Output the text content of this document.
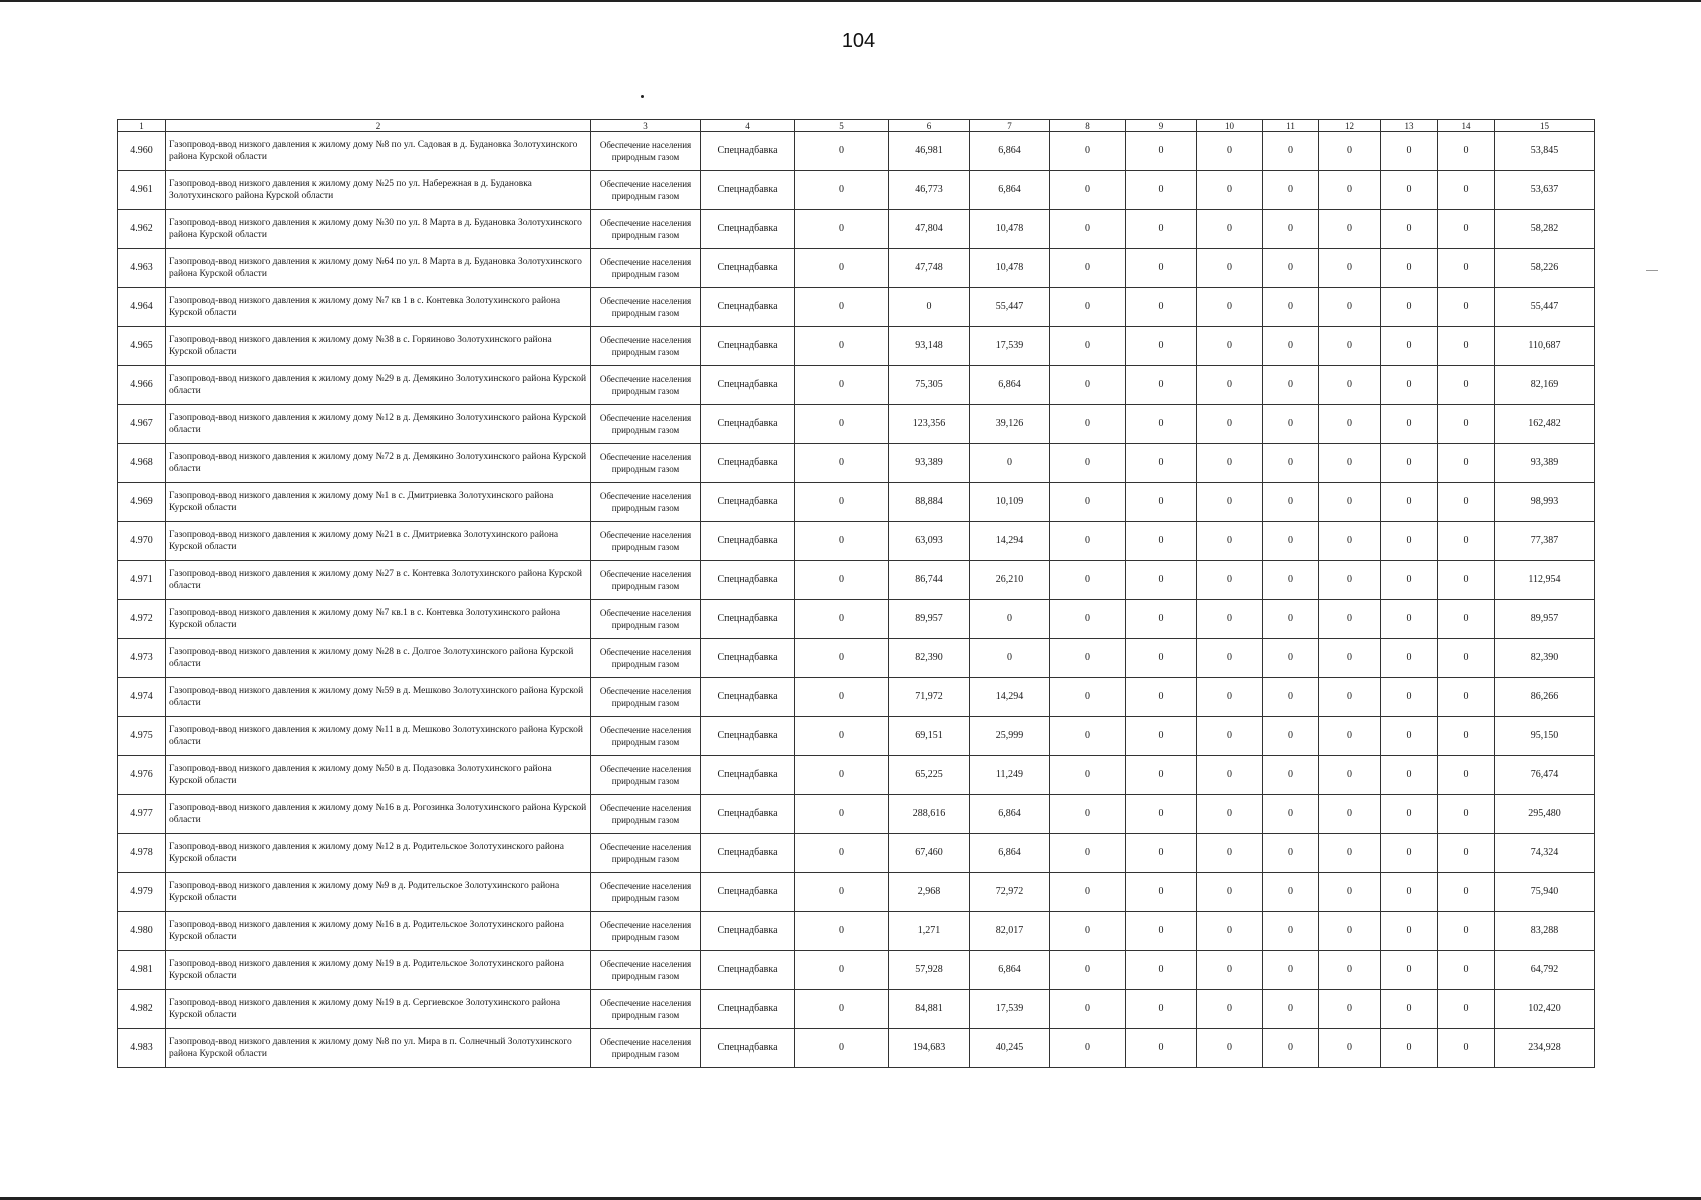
104
1	2	3	4	5	6	7	8	9	10	11	12	13	14	15
4.960	Газопровод-ввод низкого давления к жилому дому №8 по ул. Садовая в д. Будановка Золотухинского района Курской области	Обеспечение населения природным газом	Спецнадбавка	0	46,981	6,864	0	0	0	0	0	0	0	53,845
4.961	Газопровод-ввод низкого давления к жилому дому №25 по ул. Набережная в д. Будановка Золотухинского района Курской области	Обеспечение населения природным газом	Спецнадбавка	0	46,773	6,864	0	0	0	0	0	0	0	53,637
4.962	Газопровод-ввод низкого давления к жилому дому №30 по ул. 8 Марта в д. Будановка Золотухинского района Курской области	Обеспечение населения природным газом	Спецнадбавка	0	47,804	10,478	0	0	0	0	0	0	0	58,282
4.963	Газопровод-ввод низкого давления к жилому дому №64 по ул. 8 Марта в д. Будановка Золотухинского района Курской области	Обеспечение населения природным газом	Спецнадбавка	0	47,748	10,478	0	0	0	0	0	0	0	58,226
4.964	Газопровод-ввод низкого давления к жилому дому №7 кв 1 в с. Контевка Золотухинского района Курской области	Обеспечение населения природным газом	Спецнадбавка	0	0	55,447	0	0	0	0	0	0	0	55,447
4.965	Газопровод-ввод низкого давления к жилому дому №38 в с. Горяиново Золотухинского района Курской области	Обеспечение населения природным газом	Спецнадбавка	0	93,148	17,539	0	0	0	0	0	0	0	110,687
4.966	Газопровод-ввод низкого давления к жилому дому №29 в д. Демякино Золотухинского района Курской области	Обеспечение населения природным газом	Спецнадбавка	0	75,305	6,864	0	0	0	0	0	0	0	82,169
4.967	Газопровод-ввод низкого давления к жилому дому №12 в д. Демякино Золотухинского района Курской области	Обеспечение населения природным газом	Спецнадбавка	0	123,356	39,126	0	0	0	0	0	0	0	162,482
4.968	Газопровод-ввод низкого давления к жилому дому №72 в д. Демякино Золотухинского района Курской области	Обеспечение населения природным газом	Спецнадбавка	0	93,389	0	0	0	0	0	0	0	0	93,389
4.969	Газопровод-ввод низкого давления к жилому дому №1 в с. Дмитриевка Золотухинского района Курской области	Обеспечение населения природным газом	Спецнадбавка	0	88,884	10,109	0	0	0	0	0	0	0	98,993
4.970	Газопровод-ввод низкого давления к жилому дому №21 в с. Дмитриевка Золотухинского района Курской области	Обеспечение населения природным газом	Спецнадбавка	0	63,093	14,294	0	0	0	0	0	0	0	77,387
4.971	Газопровод-ввод низкого давления к жилому дому №27 в с. Контевка Золотухинского района Курской области	Обеспечение населения природным газом	Спецнадбавка	0	86,744	26,210	0	0	0	0	0	0	0	112,954
4.972	Газопровод-ввод низкого давления к жилому дому №7 кв.1 в с. Контевка Золотухинского района Курской области	Обеспечение населения природным газом	Спецнадбавка	0	89,957	0	0	0	0	0	0	0	0	89,957
4.973	Газопровод-ввод низкого давления к жилому дому №28 в с. Долгое Золотухинского района Курской области	Обеспечение населения природным газом	Спецнадбавка	0	82,390	0	0	0	0	0	0	0	0	82,390
4.974	Газопровод-ввод низкого давления к жилому дому №59 в д. Мешково Золотухинского района Курской области	Обеспечение населения природным газом	Спецнадбавка	0	71,972	14,294	0	0	0	0	0	0	0	86,266
4.975	Газопровод-ввод низкого давления к жилому дому №11 в д. Мешково Золотухинского района Курской области	Обеспечение населения природным газом	Спецнадбавка	0	69,151	25,999	0	0	0	0	0	0	0	95,150
4.976	Газопровод-ввод низкого давления к жилому дому №50 в д. Подазовка Золотухинского района Курской области	Обеспечение населения природным газом	Спецнадбавка	0	65,225	11,249	0	0	0	0	0	0	0	76,474
4.977	Газопровод-ввод низкого давления к жилому дому №16 в д. Рогозинка Золотухинского района Курской области	Обеспечение населения природным газом	Спецнадбавка	0	288,616	6,864	0	0	0	0	0	0	0	295,480
4.978	Газопровод-ввод низкого давления к жилому дому №12 в д. Родительское Золотухинского района Курской области	Обеспечение населения природным газом	Спецнадбавка	0	67,460	6,864	0	0	0	0	0	0	0	74,324
4.979	Газопровод-ввод низкого давления к жилому дому №9 в д. Родительское Золотухинского района Курской области	Обеспечение населения природным газом	Спецнадбавка	0	2,968	72,972	0	0	0	0	0	0	0	75,940
4.980	Газопровод-ввод низкого давления к жилому дому №16 в д. Родительское Золотухинского района Курской области	Обеспечение населения природным газом	Спецнадбавка	0	1,271	82,017	0	0	0	0	0	0	0	83,288
4.981	Газопровод-ввод низкого давления к жилому дому №19 в д. Родительское Золотухинского района Курской области	Обеспечение населения природным газом	Спецнадбавка	0	57,928	6,864	0	0	0	0	0	0	0	64,792
4.982	Газопровод-ввод низкого давления к жилому дому №19 в д. Сергиевское Золотухинского района Курской области	Обеспечение населения природным газом	Спецнадбавка	0	84,881	17,539	0	0	0	0	0	0	0	102,420
4.983	Газопровод-ввод низкого давления к жилому дому №8 по ул. Мира в п. Солнечный Золотухинского района Курской области	Обеспечение населения природным газом	Спецнадбавка	0	194,683	40,245	0	0	0	0	0	0	0	234,928
